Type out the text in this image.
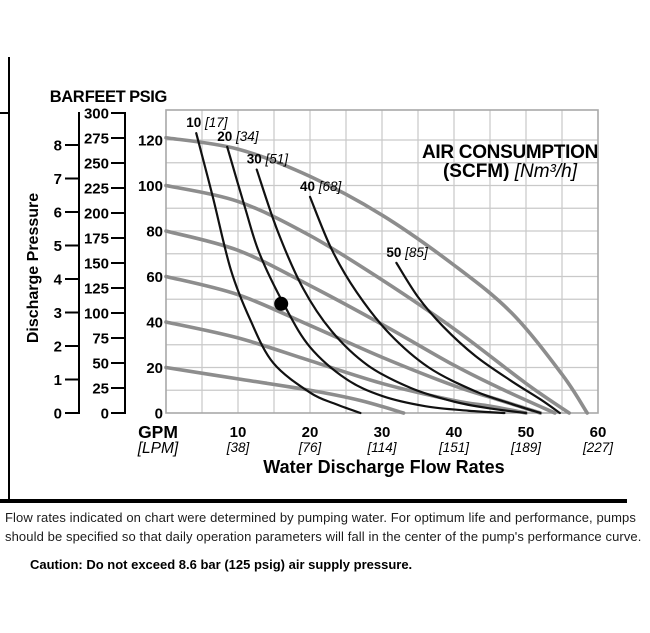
BAR FEET PSIG
0
1
2
3
4
5
6
7
8
0
25
50
75
100
125
150
175
200
225
250
275
300
0
20
40
60
80
100
120
Discharge Pressure
10
[38]
20
[76]
30
[114]
40
[151]
50
[189]
60
[227]
GPM
[LPM]
Water Discharge Flow Rates
AIR CONSUMPTION
(SCFM) [Nm³/h]
10 [17]
20 [34]
30 [51]
40 [68]
50 [85]
Flow rates indicated on chart were determined by pumping water. For optimum life and performance, pumps
should be specified so that daily operation parameters will fall in the center of the pump's performance curve.
Caution: Do not exceed 8.6 bar (125 psig) air supply pressure.
